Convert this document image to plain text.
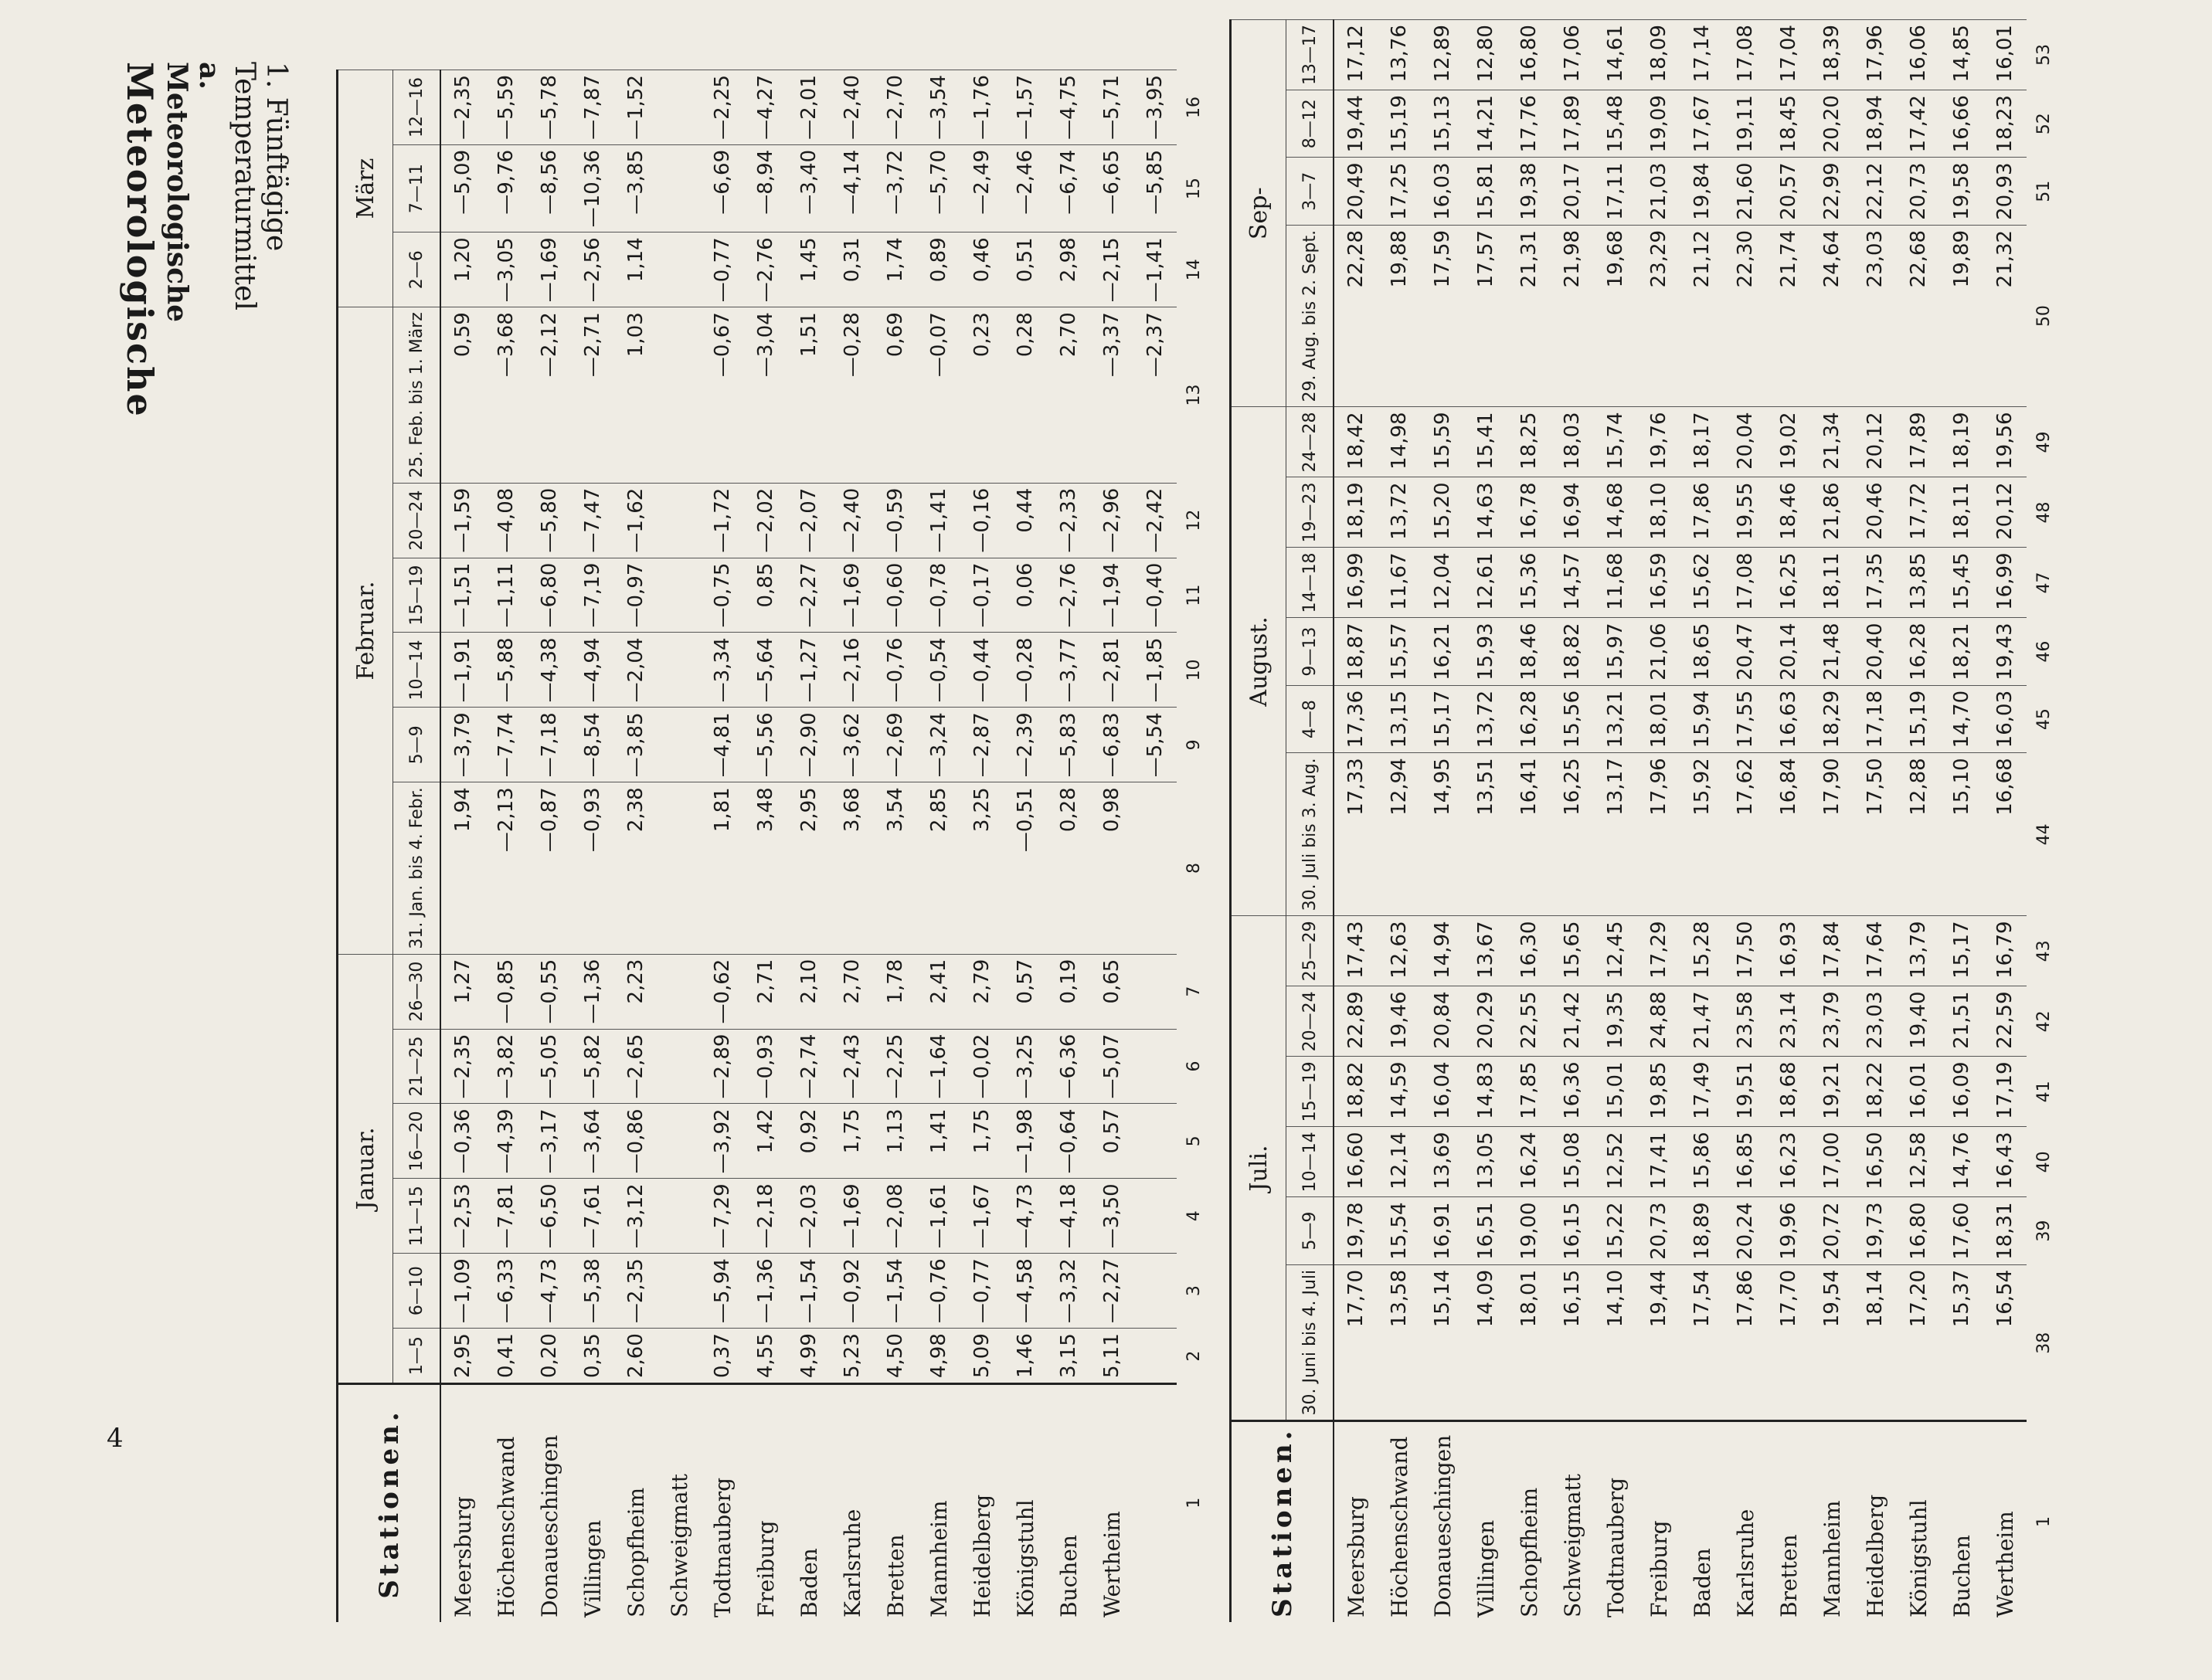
4
Meteorologische	a. Meteorologische	1. Fünftägige Temperaturmittel
Stationen.	Januar.						Februar.						März		
	1—5	6—10	11—15	16—20	21—25	26—30	31. Jan. bis 4. Febr.	5—9	10—14	15—19	20—24	25. Feb. bis 1. März	2—6	7—11	12—16
Meersburg	2,95	—1,09	—2,53	—0,36	—2,35	1,27	1,94	—3,79	—1,91	—1,51	—1,59	0,59	1,20	—5,09	—2,35
Höchenschwand	0,41	—6,33	—7,81	—4,39	—3,82	—0,85	—2,13	—7,74	—5,88	—1,11	—4,08	—3,68	—3,05	—9,76	—5,59
Donaueschingen	0,20	—4,73	—6,50	—3,17	—5,05	—0,55	—0,87	—7,18	—4,38	—6,80	—5,80	—2,12	—1,69	—8,56	—5,78
Villingen	0,35	—5,38	—7,61	—3,64	—5,82	—1,36	—0,93	—8,54	—4,94	—7,19	—7,47	—2,71	—2,56	—10,36	—7,87
Schopfheim	2,60	—2,35	—3,12	—0,86	—2,65	2,23	2,38	—3,85	—2,04	—0,97	—1,62	1,03	1,14	—3,85	—1,52
Schweigmatt															
Todtnauberg	0,37	—5,94	—7,29	—3,92	—2,89	—0,62	1,81	—4,81	—3,34	—0,75	—1,72	—0,67	—0,77	—6,69	—2,25
Freiburg	4,55	—1,36	—2,18	1,42	—0,93	2,71	3,48	—5,56	—5,64	0,85	—2,02	—3,04	—2,76	—8,94	—4,27
Baden	4,99	—1,54	—2,03	0,92	—2,74	2,10	2,95	—2,90	—1,27	—2,27	—2,07	1,51	1,45	—3,40	—2,01
Karlsruhe	5,23	—0,92	—1,69	1,75	—2,43	2,70	3,68	—3,62	—2,16	—1,69	—2,40	—0,28	0,31	—4,14	—2,40
Bretten	4,50	—1,54	—2,08	1,13	—2,25	1,78	3,54	—2,69	—0,76	—0,60	—0,59	0,69	1,74	—3,72	—2,70
Mannheim	4,98	—0,76	—1,61	1,41	—1,64	2,41	2,85	—3,24	—0,54	—0,78	—1,41	—0,07	0,89	—5,70	—3,54
Heidelberg	5,09	—0,77	—1,67	1,75	—0,02	2,79	3,25	—2,87	—0,44	—0,17	—0,16	0,23	0,46	—2,49	—1,76
Königstuhl	1,46	—4,58	—4,73	—1,98	—3,25	0,57	—0,51	—2,39	—0,28	0,06	0,44	0,28	0,51	—2,46	—1,57
Buchen	3,15	—3,32	—4,18	—0,64	—6,36	0,19	0,28	—5,83	—3,77	—2,76	—2,33	2,70	2,98	—6,74	—4,75
Wertheim	5,11	—2,27	—3,50	0,57	—5,07	0,65	0,98	—6,83	—2,81	—1,94	—2,96	—3,37	—2,15	—6,65	—5,71
								—5,54	—1,85	—0,40	—2,42	—2,37	—1,41	—5,85	—3,95
1	2	3	4	5	6	7	8	9	10	11	12	13	14	15	16
Stationen.	Juli.						August.						Sep-			
	30. Juni bis 4. Juli	5—9	10—14	15—19	20—24	25—29	30. Juli bis 3. Aug.	4—8	9—13	14—18	19—23	24—28	29. Aug. bis 2. Sept.	3—7	8—12	13—17
Meersburg	17,70	19,78	16,60	18,82	22,89	17,43	17,33	17,36	18,87	16,99	18,19	18,42	22,28	20,49	19,44	17,12
Höchenschwand	13,58	15,54	12,14	14,59	19,46	12,63	12,94	13,15	15,57	11,67	13,72	14,98	19,88	17,25	15,19	13,76
Donaueschingen	15,14	16,91	13,69	16,04	20,84	14,94	14,95	15,17	16,21	12,04	15,20	15,59	17,59	16,03	15,13	12,89
Villingen	14,09	16,51	13,05	14,83	20,29	13,67	13,51	13,72	15,93	12,61	14,63	15,41	17,57	15,81	14,21	12,80
Schopfheim	18,01	19,00	16,24	17,85	22,55	16,30	16,41	16,28	18,46	15,36	16,78	18,25	21,31	19,38	17,76	16,80
Schweigmatt	16,15	16,15	15,08	16,36	21,42	15,65	16,25	15,56	18,82	14,57	16,94	18,03	21,98	20,17	17,89	17,06
Todtnauberg	14,10	15,22	12,52	15,01	19,35	12,45	13,17	13,21	15,97	11,68	14,68	15,74	19,68	17,11	15,48	14,61
Freiburg	19,44	20,73	17,41	19,85	24,88	17,29	17,96	18,01	21,06	16,59	18,10	19,76	23,29	21,03	19,09	18,09
Baden	17,54	18,89	15,86	17,49	21,47	15,28	15,92	15,94	18,65	15,62	17,86	18,17	21,12	19,84	17,67	17,14
Karlsruhe	17,86	20,24	16,85	19,51	23,58	17,50	17,62	17,55	20,47	17,08	19,55	20,04	22,30	21,60	19,11	17,08
Bretten	17,70	19,96	16,23	18,68	23,14	16,93	16,84	16,63	20,14	16,25	18,46	19,02	21,74	20,57	18,45	17,04
Mannheim	19,54	20,72	17,00	19,21	23,79	17,84	17,90	18,29	21,48	18,11	21,86	21,34	24,64	22,99	20,20	18,39
Heidelberg	18,14	19,73	16,50	18,22	23,03	17,64	17,50	17,18	20,40	17,35	20,46	20,12	23,03	22,12	18,94	17,96
Königstuhl	17,20	16,80	12,58	16,01	19,40	13,79	12,88	15,19	16,28	13,85	17,72	17,89	22,68	20,73	17,42	16,06
Buchen	15,37	17,60	14,76	16,09	21,51	15,17	15,10	14,70	18,21	15,45	18,11	18,19	19,89	19,58	16,66	14,85
Wertheim	16,54	18,31	16,43	17,19	22,59	16,79	16,68	16,03	19,43	16,99	20,12	19,56	21,32	20,93	18,23	16,01
1	38	39	40	41	42	43	44	45	46	47	48	49	50	51	52	53
